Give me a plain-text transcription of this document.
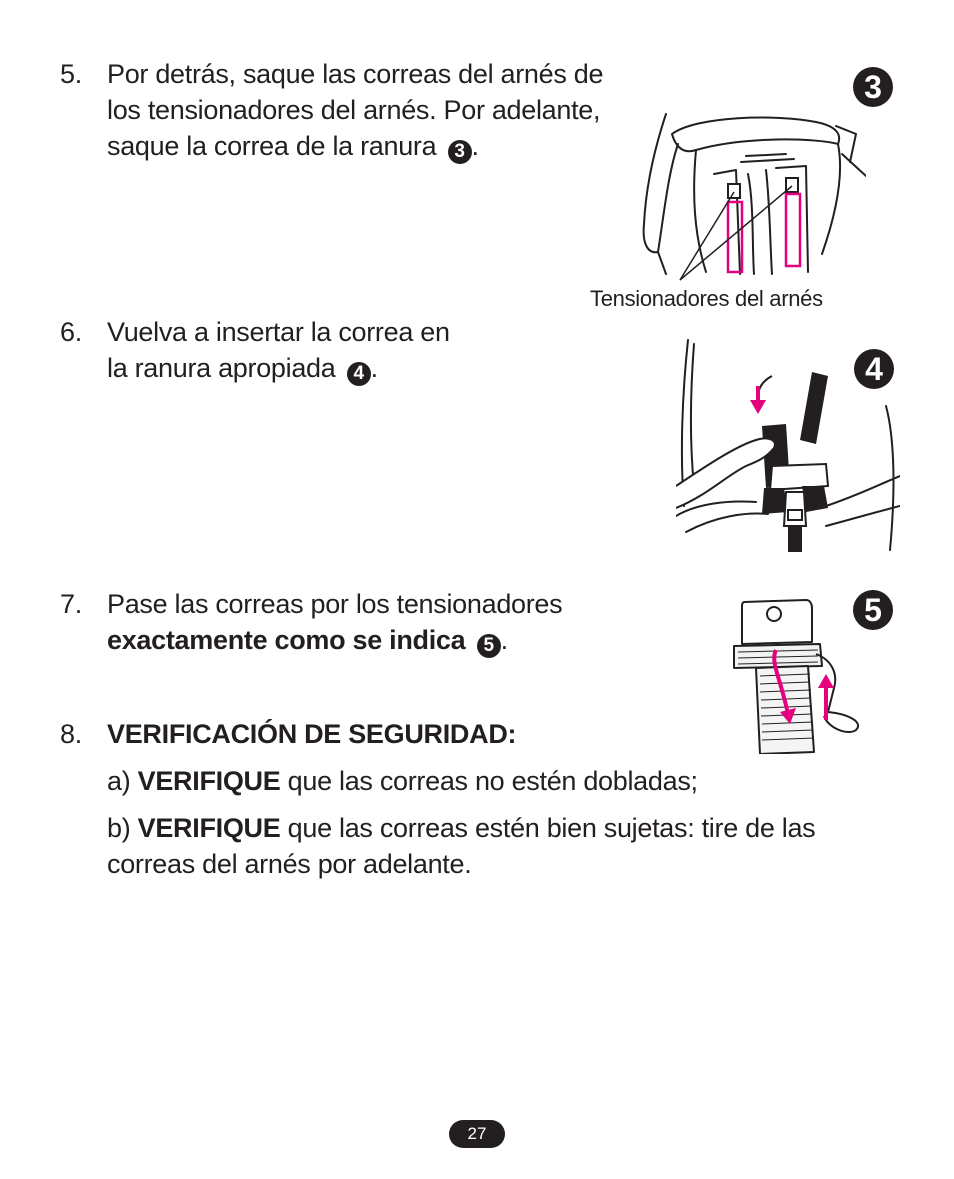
5. Por detrás, saque las correas del arnés de
los tensionadores del arnés. Por adelante,
saque la correa de la ranura 3 .
6. Vuelva a insertar la correa en
la ranura apropiada 4 .
7. Pase las correas por los tensionadores
exactamente como se indica 5 .
8. VERIFICACIÓN DE SEGURIDAD:
a) VERIFIQUE que las correas no estén dobladas;
b) VERIFIQUE que las correas estén bien sujetas: tire de las
correas del arnés por adelante.
3
Tensionadores del arnés
4
5
27
